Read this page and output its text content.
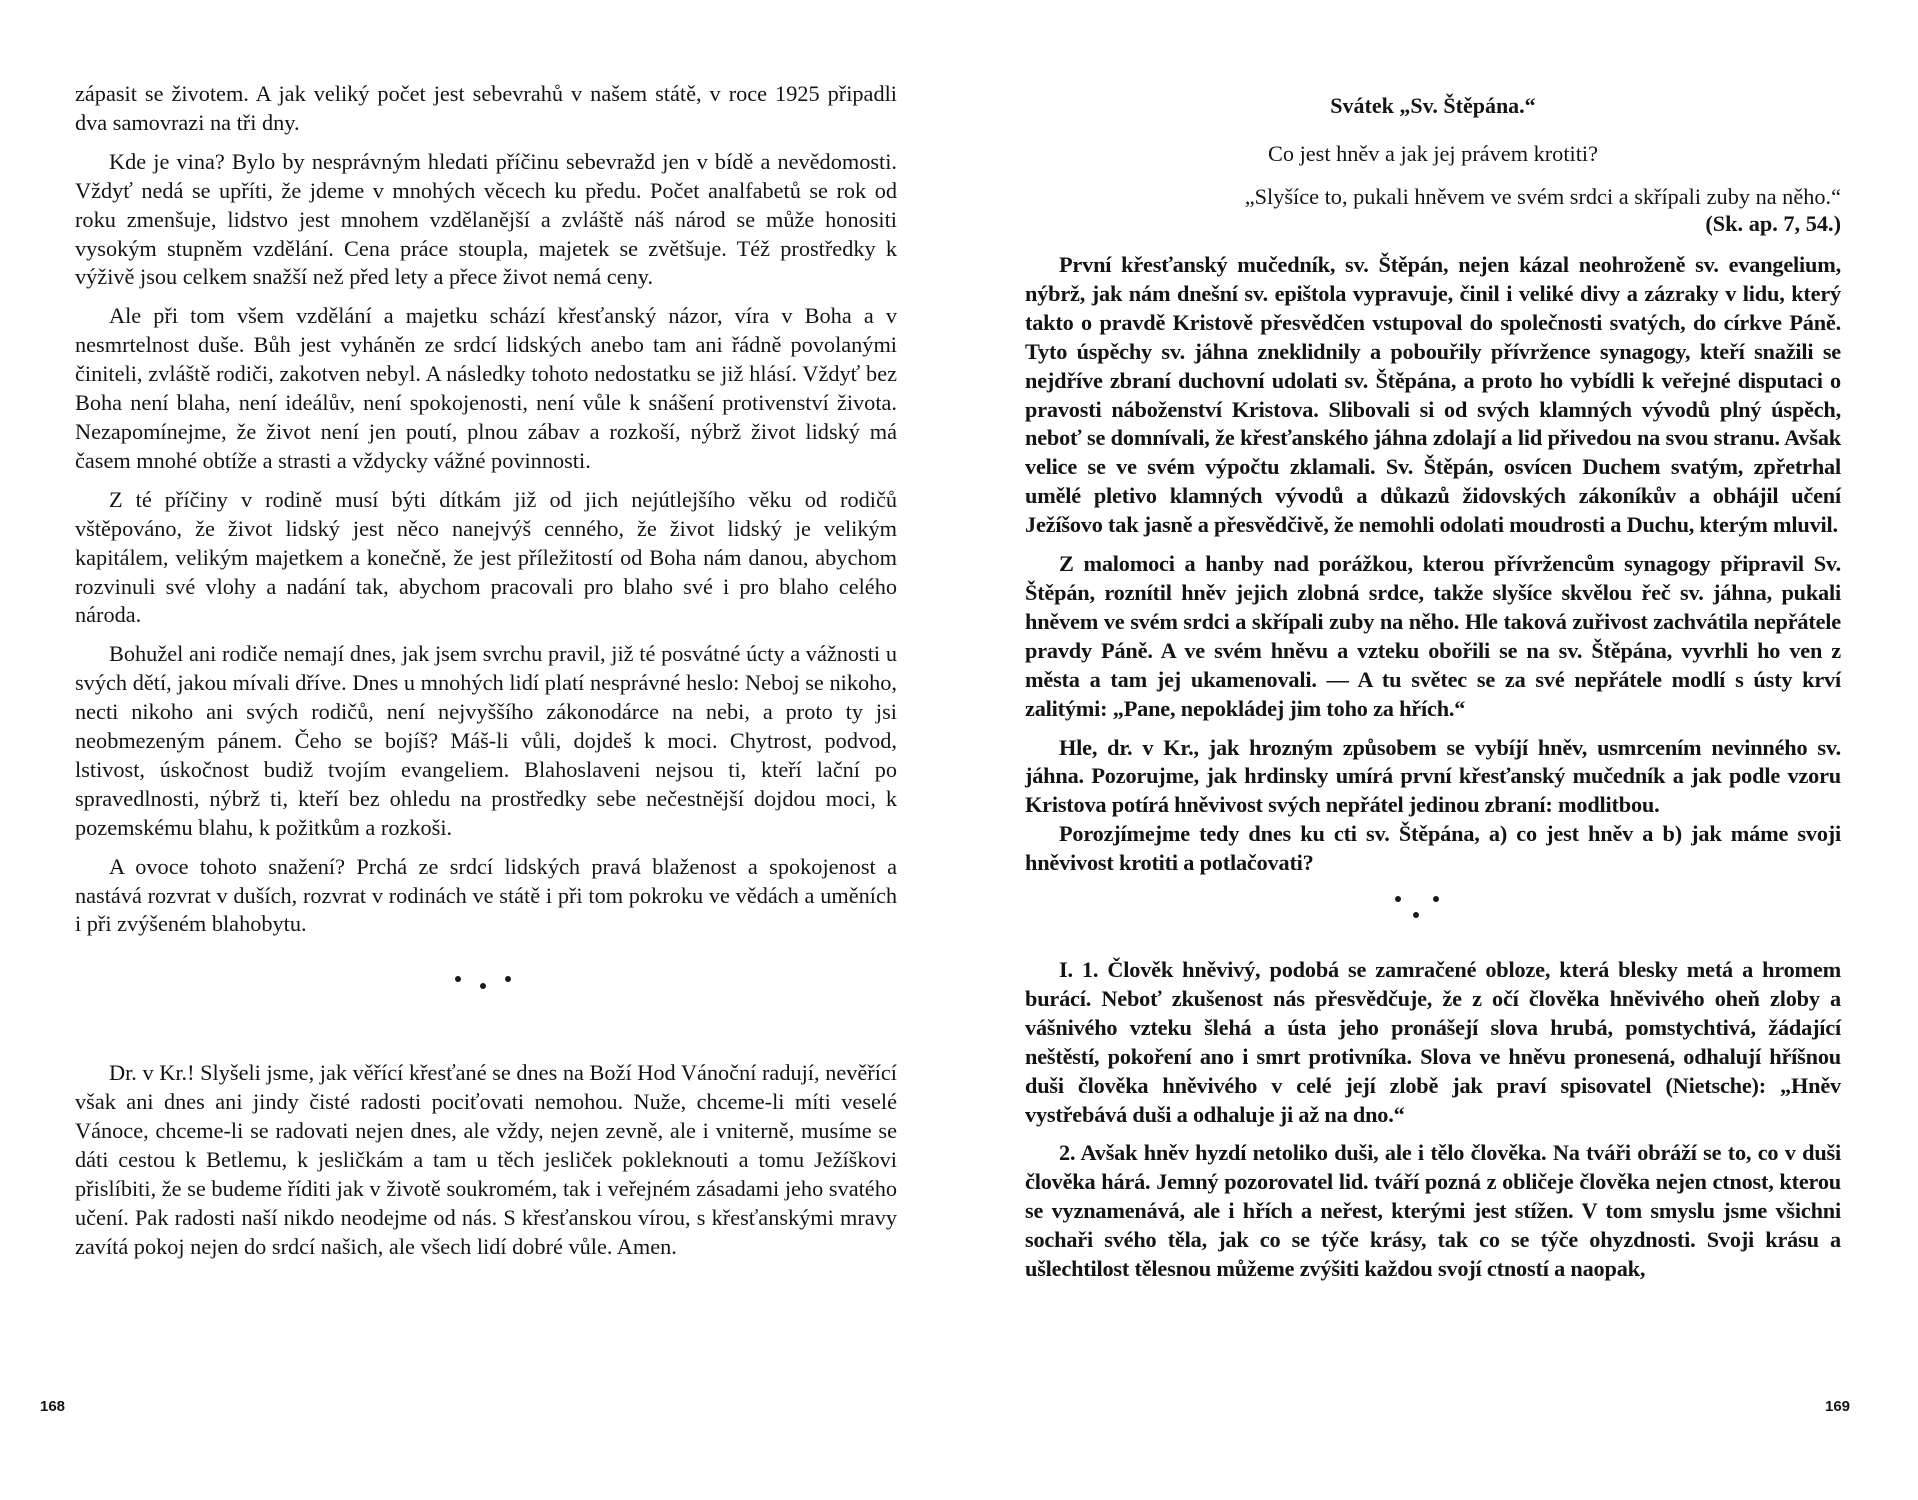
zápasit se životem. A jak veliký počet jest sebevrahů v našem státě, v roce 1925 připadli dva samovrazi na tři dny.

Kde je vina? Bylo by nesprávným hledati příčinu sebevražd jen v bídě a nevědomosti. Vždyť nedá se upříti, že jdeme v mnohých věcech ku předu. Počet analfabetů se rok od roku zmenšuje, lidstvo jest mnohem vzdělanější a zvláště náš národ se může honositi vysokým stupněm vzdělání. Cena práce stoupla, majetek se zvětšuje. Též prostředky k výživě jsou celkem snažší než před lety a přece život nemá ceny.

Ale při tom všem vzdělání a majetku schází křesťanský názor, víra v Boha a v nesmrtelnost duše. Bůh jest vyháněn ze srdcí lidských anebo tam ani řádně povolanými činiteli, zvláště rodiči, zakotven nebyl. A následky tohoto nedostatku se již hlásí. Vždyť bez Boha není blaha, není ideálův, není spokojenosti, není vůle k snášení protivenství života. Nezapomínejme, že život není jen poutí, plnou zábav a rozkoší, nýbrž život lidský má časem mnohé obtíže a strasti a vždycky vážné povinnosti.

Z té příčiny v rodině musí býti dítkám již od jich nejútlejšího věku od rodičů vštěpováno, že život lidský jest něco nanejvýš cenného, že život lidský je velikým kapitálem, velikým majetkem a konečně, že jest příležitostí od Boha nám danou, abychom rozvinuli své vlohy a nadání tak, abychom pracovali pro blaho své i pro blaho celého národa.

Bohužel ani rodiče nemají dnes, jak jsem svrchu pravil, již té posvátné úcty a vážnosti u svých dětí, jakou mívali dříve. Dnes u mnohých lidí platí nesprávné heslo: Neboj se nikoho, necti nikoho ani svých rodičů, není nejvyššího zákonodárce na nebi, a proto ty jsi neobmezeným pánem. Čeho se bojíš? Máš-li vůli, dojdeš k moci. Chytrost, podvod, lstivost, úskočnost budiž tvojím evangeliem. Blahoslaveni nejsou ti, kteří lační po spravedlnosti, nýbrž ti, kteří bez ohledu na prostředky sebe nečestnější dojdou moci, k pozemskému blahu, k požitkům a rozkoši.

A ovoce tohoto snažení? Prchá ze srdcí lidských pravá blaženost a spokojenost a nastává rozvrat v duších, rozvrat v rodinách ve státě i při tom pokroku ve vědách a uměních i při zvýšeném blahobytu.

Dr. v Kr.! Slyšeli jsme, jak věřící křesťané se dnes na Boží Hod Vánoční radují, nevěřící však ani dnes ani jindy čisté radosti pociťovati nemohou. Nuže, chceme-li míti veselé Vánoce, chceme-li se radovati nejen dnes, ale vždy, nejen zevně, ale i vniterně, musíme se dáti cestou k Betlemu, k jesličkám a tam u těch jesliček pokleknouti a tomu Ježíškovi přislíbiti, že se budeme říditi jak v životě soukromém, tak i veřejném zásadami jeho svatého učení. Pak radosti naší nikdo neodejme od nás. S křesťanskou vírou, s křesťanskými mravy zavítá pokoj nejen do srdcí našich, ale všech lidí dobré vůle. Amen.

168
Svátek „Sv. Štěpána.“
Co jest hněv a jak jej právem krotiti?
„Slyšíce to, pukali hněvem ve svém srdci a skřípali zuby na něho.“
(Sk. ap. 7, 54.)

První křesťanský mučedník, sv. Štěpán, nejen kázal neohroženě sv. evangelium, nýbrž, jak nám dnešní sv. epištola vypravuje, činil i veliké divy a zázraky v lidu, který takto o pravdě Kristově přesvědčen vstupoval do společnosti svatých, do církve Páně. Tyto úspěchy sv. jáhna zneklidnily a pobouřily přívržence synagogy, kteří snažili se nejdříve zbraní duchovní udolati sv. Štěpána, a proto ho vybídli k veřejné disputaci o pravosti náboženství Kristova. Slibovali si od svých klamných vývodů plný úspěch, neboť se domnívali, že křesťanského jáhna zdolají a lid přivedou na svou stranu. Avšak velice se ve svém výpočtu zklamali. Sv. Štěpán, osvícen Duchem svatým, zpřetrhal umělé pletivo klamných vývodů a důkazů židovských zákoníkův a obhájil učení Ježíšovo tak jasně a přesvědčivě, že nemohli odolati moudrosti a Duchu, kterým mluvil.

Z malomoci a hanby nad porážkou, kterou přívržencům synagogy připravil Sv. Štěpán, roznítil hněv jejich zlobná srdce, takže slyšíce skvělou řeč sv. jáhna, pukali hněvem ve svém srdci a skřípali zuby na něho. Hle taková zuřivost zachvátila nepřátele pravdy Páně. A ve svém hněvu a vzteku obořili se na sv. Štěpána, vyvrhli ho ven z města a tam jej ukamenovali. — A tu světec se za své nepřátele modlí s ústy krví zalitými: „Pane, nepokládej jim toho za hřích.“

Hle, dr. v Kr., jak hrozným způsobem se vybíjí hněv, usmrcením nevinného sv. jáhna. Pozorujme, jak hrdinsky umírá první křesťanský mučedník a jak podle vzoru Kristova potírá hněvivost svých nepřátel jedinou zbraní: modlitbou.

Porozjímejme tedy dnes ku cti sv. Štěpána, a) co jest hněv a b) jak máme svoji hněvivost krotiti a potlačovati?

I. 1. Člověk hněvivý, podobá se zamračené obloze, která blesky metá a hromem burácí. Neboť zkušenost nás přesvědčuje, že z očí člověka hněvivého oheň zloby a vášnivého vzteku šlehá a ústa jeho pronášejí slova hrubá, pomstychtivá, žádající neštěstí, pokoření ano i smrt protivníka. Slova ve hněvu pronesená, odhalují hříšnou duši člověka hněvivého v celé její zlobě jak praví spisovatel (Nietsche): „Hněv vystřebává duši a odhaluje ji až na dno.“

2. Avšak hněv hyzdí netoliko duši, ale i tělo člověka. Na tváři obráží se to, co v duši člověka hárá. Jemný pozorovatel lid. tváří pozná z obličeje člověka nejen ctnost, kterou se vyznamenává, ale i hřích a neřest, kterými jest stížen. V tom smyslu jsme všichni sochaři svého těla, jak co se týče krásy, tak co se týče ohyzdnosti. Svoji krásu a ušlechtilost tělesnou můžeme zvýšiti každou svojí ctností a naopak,

169
